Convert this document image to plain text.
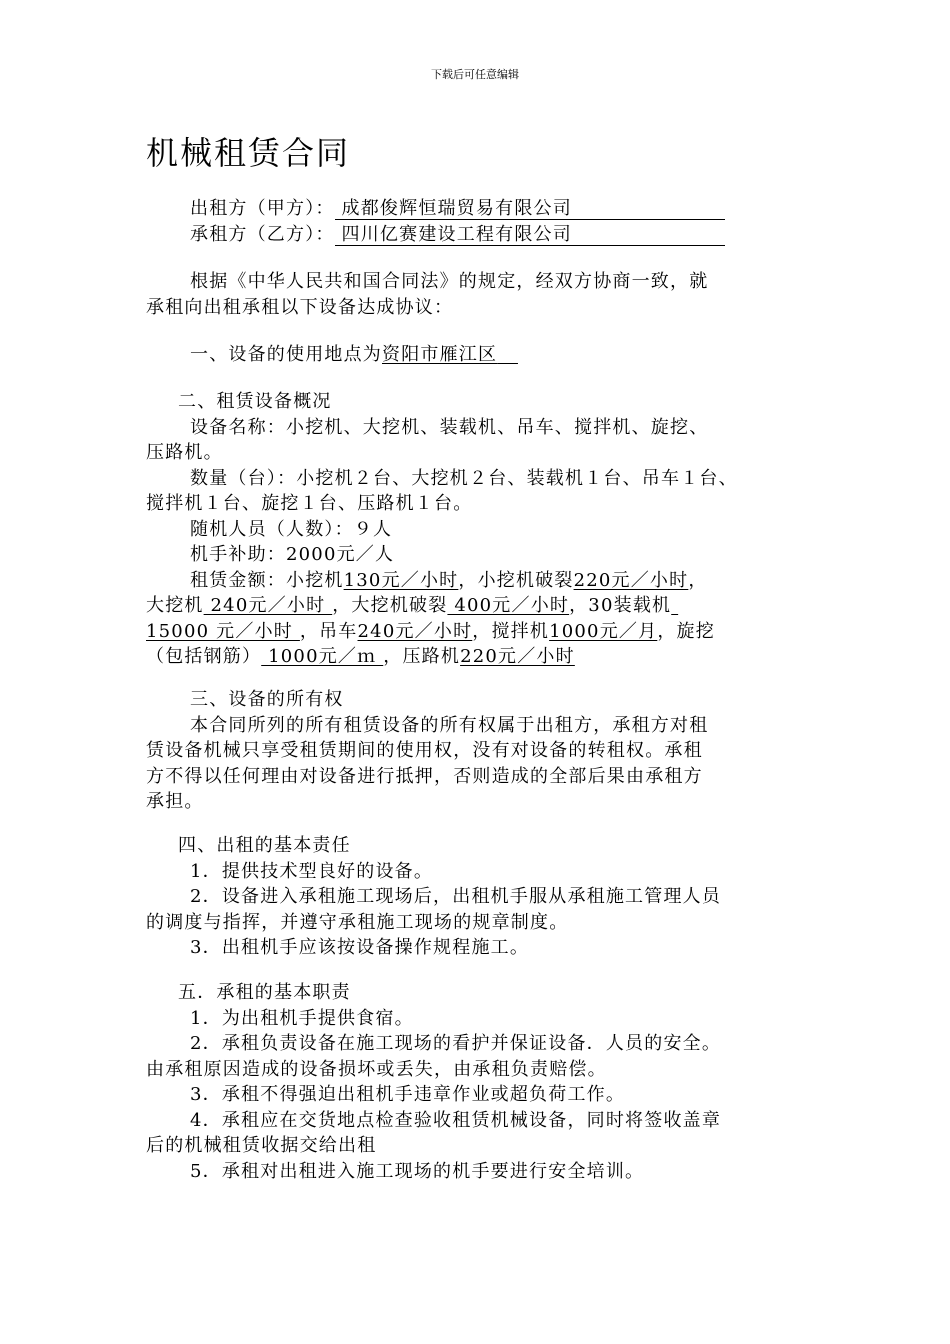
下载后可任意编辑
机械租赁合同
出租方（甲方）： 成都俊辉恒瑞贸易有限公司
承租方（乙方）： 四川亿赛建设工程有限公司
根据《中华人民共和国合同法》的规定，经双方协商一致，就
承租向出租承租以下设备达成协议：
一、设备的使用地点为资阳市雁江区
二、租赁设备概况
设备名称：小挖机、大挖机、装载机、吊车、搅拌机、旋挖、
压路机。
数量（台）：小挖机２台、大挖机２台、装载机１台、吊车１台、
搅拌机１台、旋挖１台、压路机１台。
随机人员（人数）：９人
机手补助：2000元／人
租赁金额：小挖机130元／小时，小挖机破裂220元／小时，
大挖机 240元／小时 ，大挖机破裂 400元／小时，30装载机
15000 元／小时 ，吊车240元／小时，搅拌机1000元／月，旋挖
（包括钢筋） 1000元／ｍ ，压路机220元／小时
三、设备的所有权
本合同所列的所有租赁设备的所有权属于出租方，承租方对租
赁设备机械只享受租赁期间的使用权，没有对设备的转租权。承租
方不得以任何理由对设备进行抵押，否则造成的全部后果由承租方
承担。
四、出租的基本责任
1．提供技术型良好的设备。
2．设备进入承租施工现场后，出租机手服从承租施工管理人员
的调度与指挥，并遵守承租施工现场的规章制度。
3．出租机手应该按设备操作规程施工。
五．承租的基本职责
1．为出租机手提供食宿。
2．承租负责设备在施工现场的看护并保证设备．人员的安全。
由承租原因造成的设备损坏或丢失，由承租负责赔偿。
3．承租不得强迫出租机手违章作业或超负荷工作。
4．承租应在交货地点检查验收租赁机械设备，同时将签收盖章
后的机械租赁收据交给出租
5．承租对出租进入施工现场的机手要进行安全培训。
